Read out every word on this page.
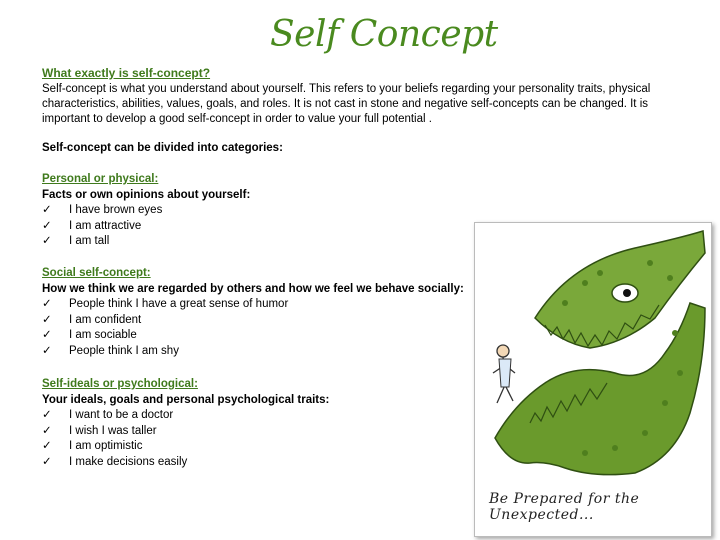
Self Concept
What exactly is self-concept?
Self-concept is what you understand about yourself. This refers to your beliefs regarding your personality traits, physical characteristics, abilities, values, goals, and roles. It is not cast in stone and negative self-concepts can be changed. It is important to develop a good self-concept in order to value your full potential .
Self-concept can be divided into categories:
Personal or physical:
Facts or own opinions about yourself:
✓ I have brown eyes
✓ I am attractive
✓ I am tall
Social self-concept:
How we think we are regarded by others and how we feel we behave socially:
✓ People think I have a great sense of humor
✓ I am confident
✓ I am sociable
✓ People think I am shy
Self-ideals or psychological:
Your ideals, goals and personal psychological traits:
✓ I want to be a doctor
✓ I wish I was taller
✓ I am optimistic
✓ I make decisions easily
Be Prepared for the Unexpected...
